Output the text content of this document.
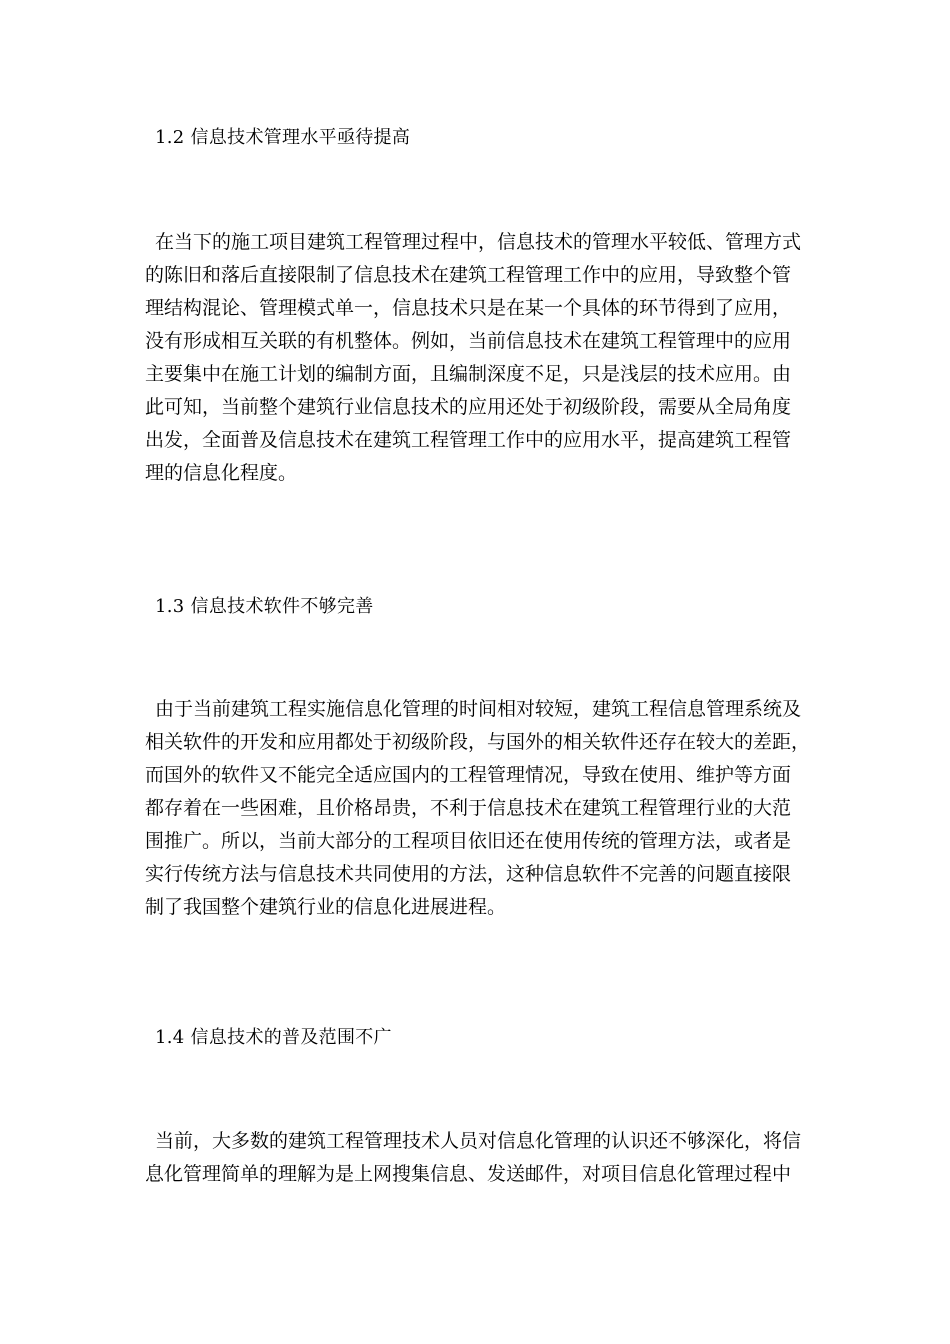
1.2 信息技术管理水平亟待提高
在当下的施工项目建筑工程管理过程中，信息技术的管理水平较低、管理方式
的陈旧和落后直接限制了信息技术在建筑工程管理工作中的应用，导致整个管
理结构混论、管理模式单一，信息技术只是在某一个具体的环节得到了应用，
没有形成相互关联的有机整体。例如，当前信息技术在建筑工程管理中的应用
主要集中在施工计划的编制方面，且编制深度不足，只是浅层的技术应用。由
此可知，当前整个建筑行业信息技术的应用还处于初级阶段，需要从全局角度
出发，全面普及信息技术在建筑工程管理工作中的应用水平，提高建筑工程管
理的信息化程度。
1.3 信息技术软件不够完善
由于当前建筑工程实施信息化管理的时间相对较短，建筑工程信息管理系统及
相关软件的开发和应用都处于初级阶段，与国外的相关软件还存在较大的差距，
而国外的软件又不能完全适应国内的工程管理情况，导致在使用、维护等方面
都存着在一些困难，且价格昂贵，不利于信息技术在建筑工程管理行业的大范
围推广。所以，当前大部分的工程项目依旧还在使用传统的管理方法，或者是
实行传统方法与信息技术共同使用的方法，这种信息软件不完善的问题直接限
制了我国整个建筑行业的信息化进展进程。
1.4 信息技术的普及范围不广
当前，大多数的建筑工程管理技术人员对信息化管理的认识还不够深化，将信
息化管理简单的理解为是上网搜集信息、发送邮件，对项目信息化管理过程中
